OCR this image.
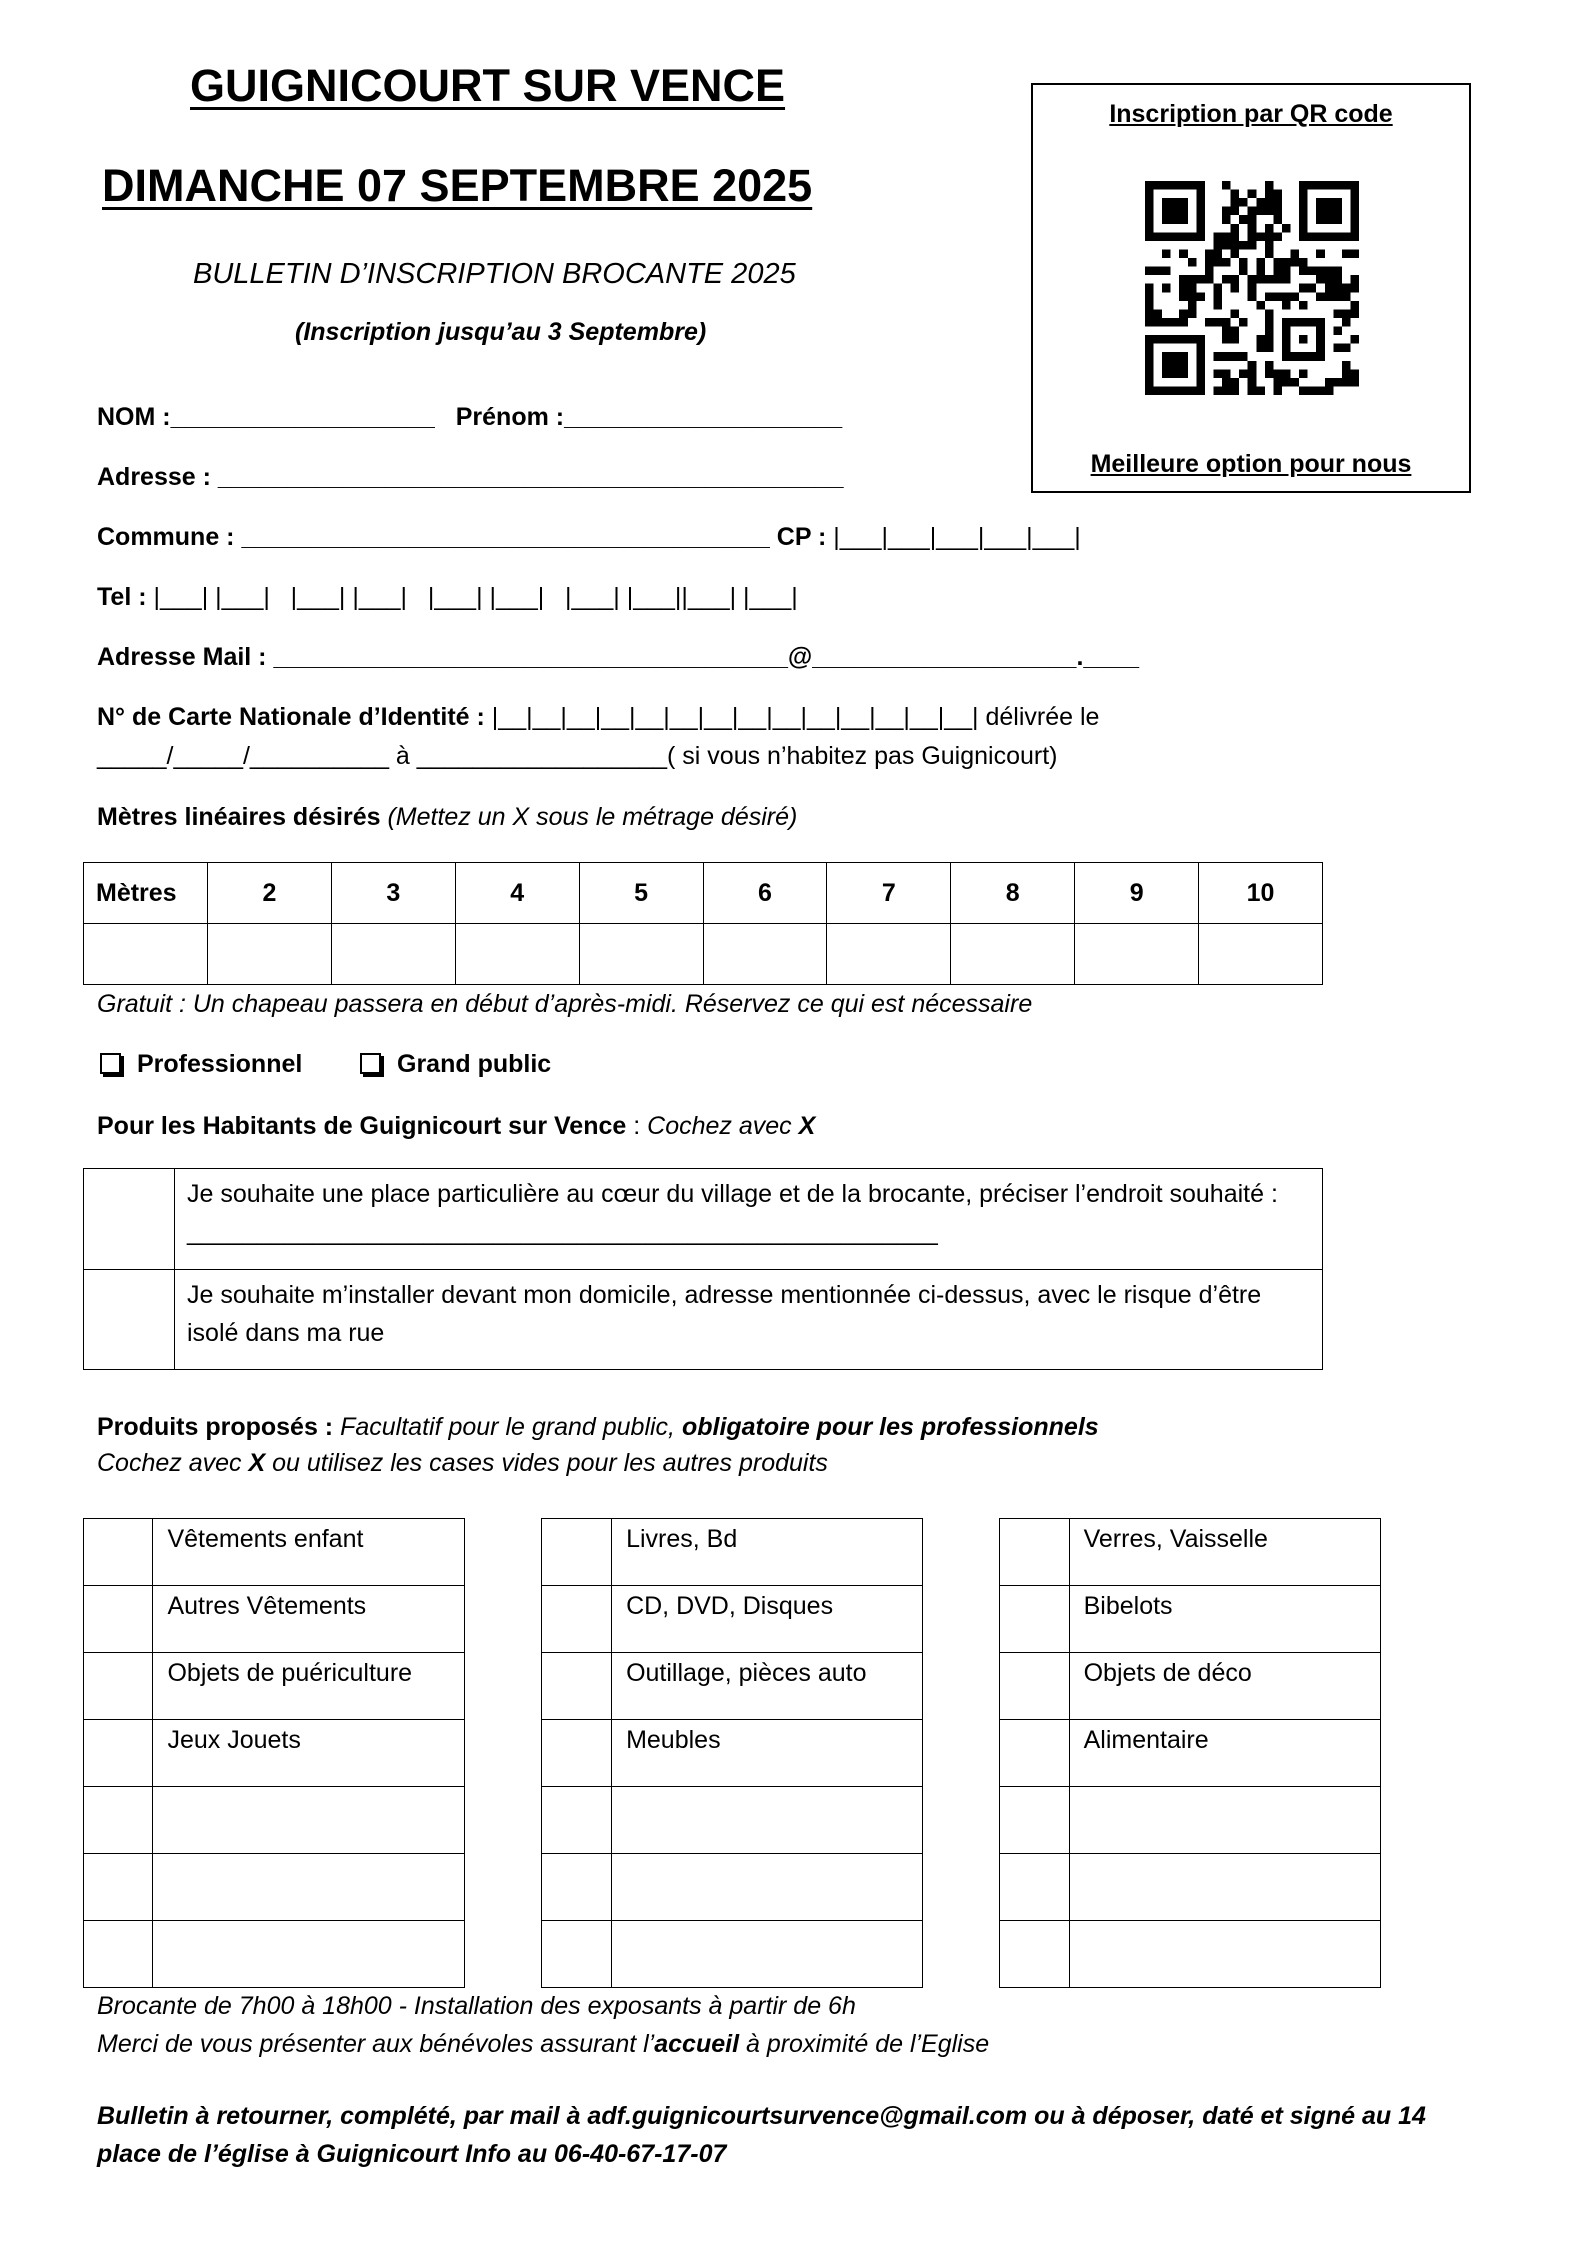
GUIGNICOURT SUR VENCE
DIMANCHE 07 SEPTEMBRE 2025
BULLETIN D’INSCRIPTION BROCANTE 2025
(Inscription jusqu’au 3 Septembre)
Inscription par QR code
Meilleure option pour nous
NOM :___________________ Prénom :____________________
Adresse : _____________________________________________
Commune : ______________________________________ CP : |___|___|___|___|___|
Tel : |___| |___|   |___| |___|   |___| |___|   |___| |___||___| |___|
Adresse Mail : _____________________________________@___________________.____
N° de Carte Nationale d’Identité : |__|__|__|__|__|__|__|__|__|__|__|__|__|__| délivrée le
_____/_____/__________ à __________________( si vous n’habitez pas Guignicourt)
Mètres linéaires désirés (Mettez un X sous le métrage désiré)
Mètres	2	3	4	5	6	7	8	9	10

Gratuit : Un chapeau passera en début d’après-midi. Réservez ce qui est nécessaire
Professionnel	Grand public
Pour les Habitants de Guignicourt sur Vence : Cochez avec X
	Je souhaite une place particulière au cœur du village et de la brocante, préciser l’endroit souhaité : ______________________________________________________
	Je souhaite m’installer devant mon domicile, adresse mentionnée ci-dessus, avec le risque d’être isolé dans ma rue
Produits proposés : Facultatif pour le grand public, obligatoire pour les professionnels
Cochez avec X ou utilisez les cases vides pour les autres produits
	Vêtements enfant
	Autres Vêtements
	Objets de puériculture
	Jeux Jouets

	Livres, Bd
	CD, DVD, Disques
	Outillage, pièces auto
	Meubles

	Verres, Vaisselle
	Bibelots
	Objets de déco
	Alimentaire

Brocante de 7h00 à 18h00 - Installation des exposants à partir de 6h
Merci de vous présenter aux bénévoles assurant l’accueil à proximité de l’Eglise
Bulletin à retourner, complété, par mail à adf.guignicourtsurvence@gmail.com ou à déposer, daté et signé au 14
place de l’église à Guignicourt Info au 06-40-67-17-07
